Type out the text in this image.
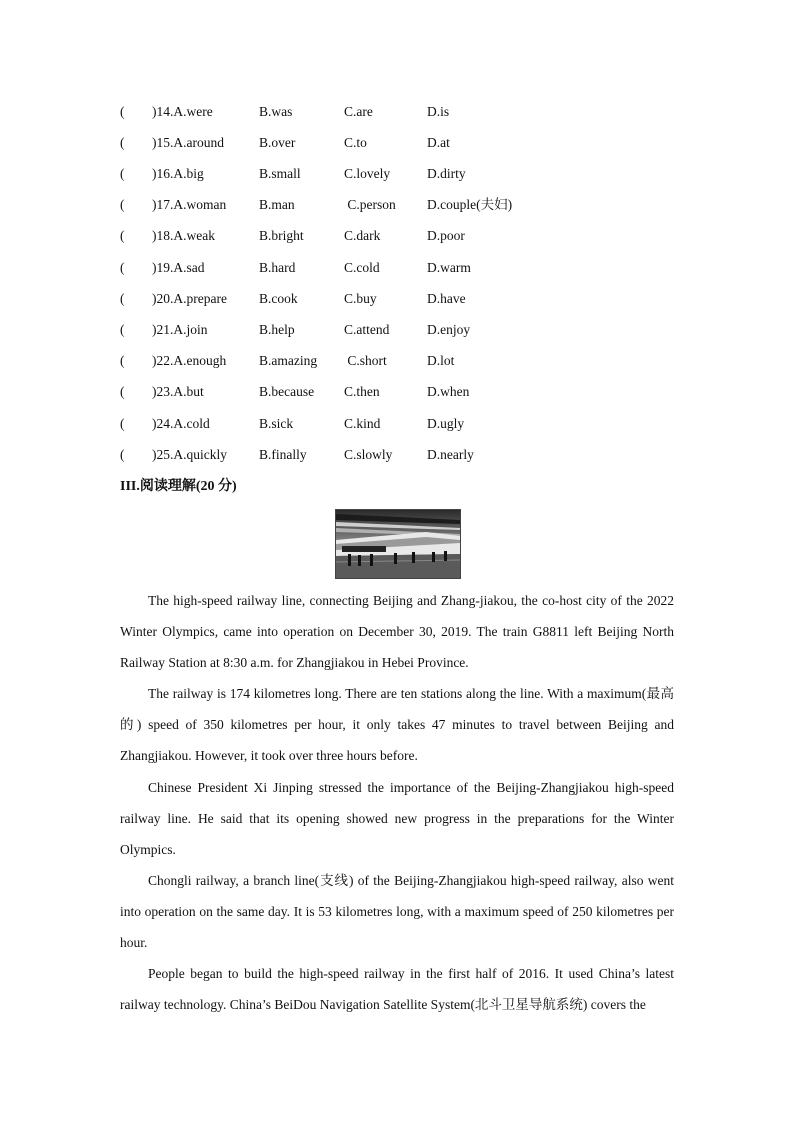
( )14.A.were	B.was	C.are	D.is
( )15.A.around	B.over	C.to	D.at
( )16.A.big	B.small	C.lovely	D.dirty
( )17.A.woman B.man	C.person D.couple(夫妇)
( )18.A.weak	B.bright	C.dark	D.poor
( )19.A.sad	B.hard	C.cold	D.warm
( )20.A.prepare B.cook	C.buy	D.have
( )21.A.join	B.help	C.attend	D.enjoy
( )22.A.enough B.amazing C.short	D.lot
( )23.A.but	B.because C.then	D.when
( )24.A.cold	B.sick	C.kind	D.ugly
( )25.A.quickly B.finally	C.slowly	D.nearly
III.阅读理解(20 分)

The high-speed railway line, connecting Beijing and Zhang-jiakou, the co-host city of the 2022 Winter Olympics, came into operation on December 30, 2019. The train G8811 left Beijing North Railway Station at 8:30 a.m. for Zhangjiakou in Hebei Province.

The railway is 174 kilometres long. There are ten stations along the line. With a maximum(最高的) speed of 350 kilometres per hour, it only takes 47 minutes to travel between Beijing and Zhangjiakou. However, it took over three hours before.

Chinese President Xi Jinping stressed the importance of the Beijing-Zhangjiakou high-speed railway line. He said that its opening showed new progress in the preparations for the Winter Olympics.

Chongli railway, a branch line(支线) of the Beijing-Zhangjiakou high-speed railway, also went into operation on the same day. It is 53 kilometres long, with a maximum speed of 250 kilometres per hour.

People began to build the high-speed railway in the first half of 2016. It used China’s latest railway technology. China’s BeiDou Navigation Satellite System(北斗卫星导航系统) covers the
